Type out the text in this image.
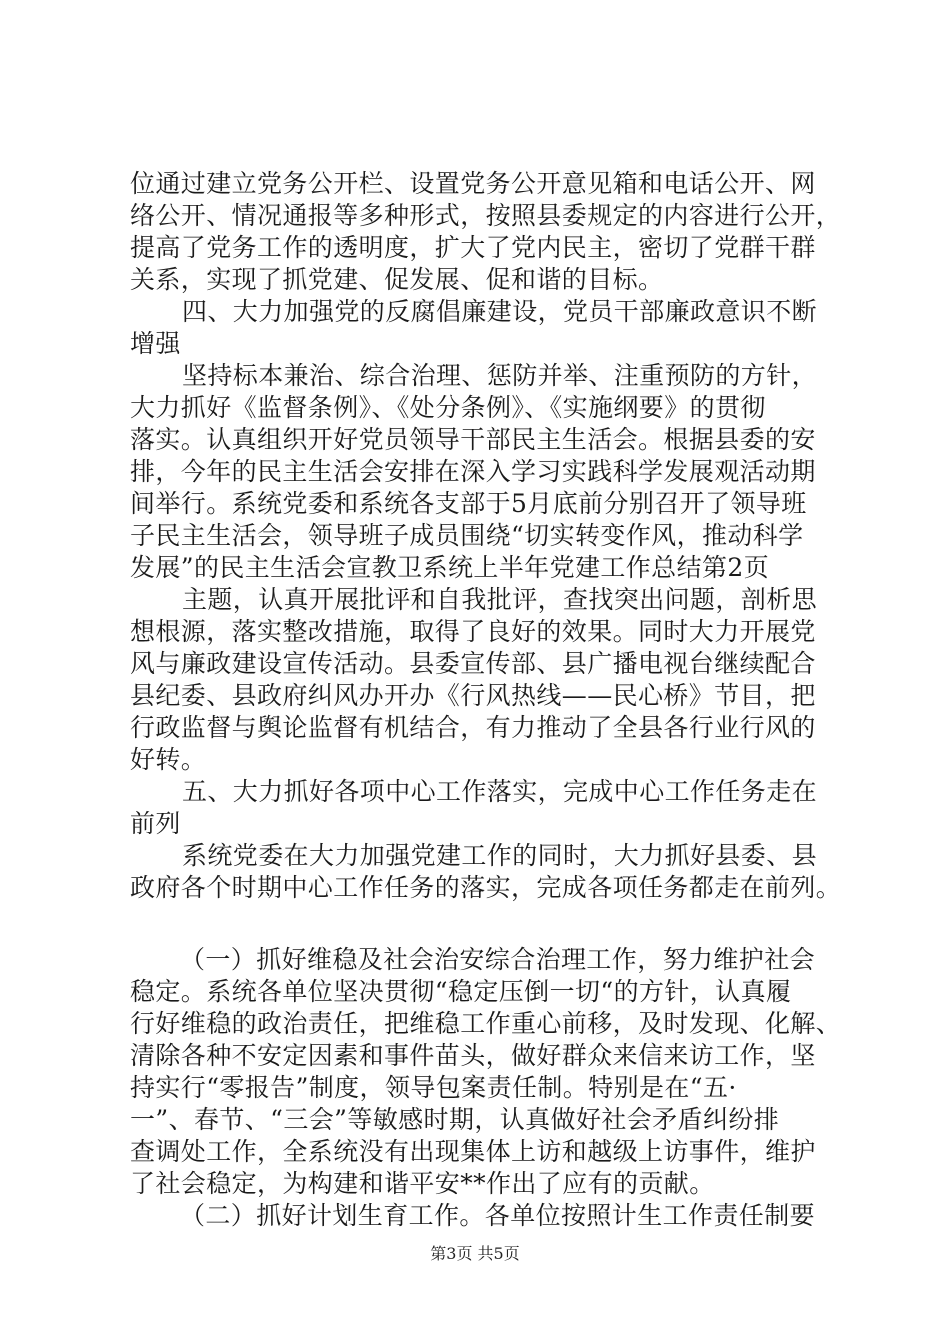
位通过建立党务公开栏、设置党务公开意见箱和电话公开、网
络公开、情况通报等多种形式，按照县委规定的内容进行公开，
提高了党务工作的透明度，扩大了党内民主，密切了党群干群
关系，实现了抓党建、促发展、促和谐的目标。
四、大力加强党的反腐倡廉建设，党员干部廉政意识不断
增强
坚持标本兼治、综合治理、惩防并举、注重预防的方针，
大力抓好《监督条例》、《处分条例》、《实施纲要》的贯彻
落实。认真组织开好党员领导干部民主生活会。根据县委的安
排，今年的民主生活会安排在深入学习实践科学发展观活动期
间举行。系统党委和系统各支部于5月底前分别召开了领导班
子民主生活会，领导班子成员围绕“切实转变作风，推动科学
发展”的民主生活会宣教卫系统上半年党建工作总结第2页
主题，认真开展批评和自我批评，查找突出问题，剖析思
想根源，落实整改措施，取得了良好的效果。同时大力开展党
风与廉政建设宣传活动。县委宣传部、县广播电视台继续配合
县纪委、县政府纠风办开办《行风热线——民心桥》节目，把
行政监督与舆论监督有机结合，有力推动了全县各行业行风的
好转。
五、大力抓好各项中心工作落实，完成中心工作任务走在
前列
系统党委在大力加强党建工作的同时，大力抓好县委、县
政府各个时期中心工作任务的落实，完成各项任务都走在前列。
（一）抓好维稳及社会治安综合治理工作，努力维护社会
稳定。系统各单位坚决贯彻“稳定压倒一切“的方针，认真履
行好维稳的政治责任，把维稳工作重心前移，及时发现、化解、
清除各种不安定因素和事件苗头，做好群众来信来访工作，坚
持实行“零报告”制度，领导包案责任制。特别是在“五·
一”、春节、“三会”等敏感时期，认真做好社会矛盾纠纷排
查调处工作，全系统没有出现集体上访和越级上访事件，维护
了社会稳定，为构建和谐平安**作出了应有的贡献。
（二）抓好计划生育工作。各单位按照计生工作责任制要
第3页 共5页
